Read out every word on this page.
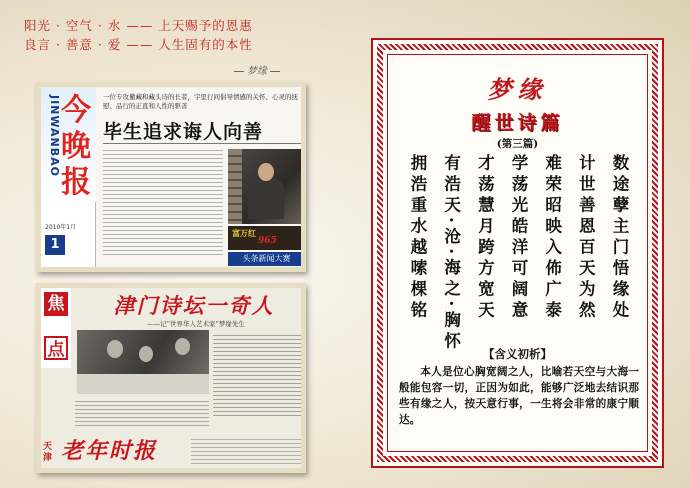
阳光 · 空气 · 水 —— 上天赐予的恩惠
良言 · 善意 · 爱 —— 人生固有的本性
梦缘
JINWANBAO 今晚报
2010年1月
1
一位专攻撤藏和藏头诗的长者，字里行间倡导情感的关怀、心灵的抚慰、品行的正直和人性的驱善
毕生追求诲人向善
富万红
965
头条新闻大赛
焦
点
津门诗坛一奇人
——记“世界华人艺术家”梦缘先生
天津 老年时报
梦缘
醒世诗篇
(第三篇)
数途孽主门悟缘处
计世善恩百天为然
难荣昭映入佈广泰
学荡光皓洋可阔意
才荡慧月跨方宽天
有浩天·沧·海之·胸怀
拥浩重水越嗦棵铭
【含义初析】
本人是位心胸宽阔之人，比喻若天空与大海一般能包容一切，正因为如此，能够广泛地去结识那些有缘之人，按天意行事，一生将会非常的康宁顺达。
